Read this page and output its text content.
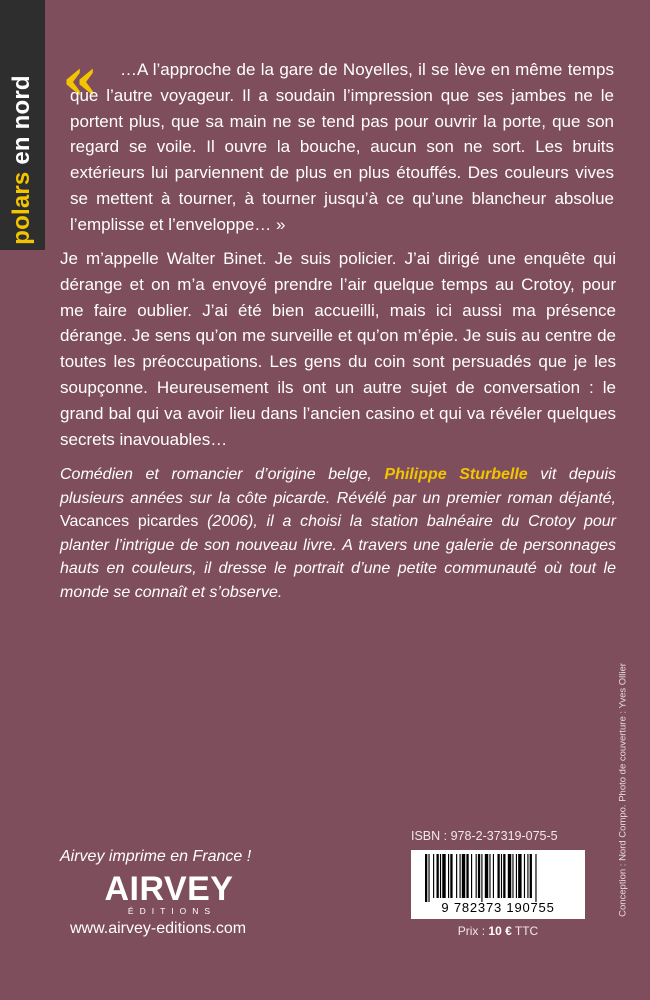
polars en nord «	…A l’approche de la gare de Noyelles, il se lève en même temps que l’autre voyageur. Il a soudain l’impression que ses jambes ne le portent plus, que sa main ne se tend pas pour ouvrir la porte, que son regard se voile. Il ouvre la bouche, aucun son ne sort. Les bruits extérieurs lui parviennent de plus en plus étouffés. Des couleurs vives se mettent à tourner, à tourner jusqu’à ce qu’une blancheur absolue l’emplisse et l’enveloppe… »

Je m’appelle Walter Binet. Je suis policier. J’ai dirigé une enquête qui dérange et on m’a envoyé prendre l’air quelque temps au Crotoy, pour me faire oublier. J’ai été bien accueilli, mais ici aussi ma présence dérange. Je sens qu’on me surveille et qu’on m’épie. Je suis au centre de toutes les préoccupations. Les gens du coin sont persuadés que je les soupçonne. Heureusement ils ont un autre sujet de conversation : le grand bal qui va avoir lieu dans l’ancien casino et qui va révéler quelques secrets inavouables…

Comédien et romancier d’origine belge, Philippe Sturbelle vit depuis plusieurs années sur la côte picarde. Révélé par un premier roman déjanté, Vacances picardes (2006), il a choisi la station balnéaire du Crotoy pour planter l’intrigue de son nouveau livre. A travers une galerie de personnages hauts en couleurs, il dresse le portrait d’une petite communauté où tout le monde se connaît et s’observe.

Conception : Nord Compo. Photo de couverture : Yves Ollier
Airvey imprime en France !
AIRVEY
ÉDITIONS
www.airvey-editions.com
ISBN : 978-2-37319-075-5
9 782373 190755
Prix : 10 € TTC
